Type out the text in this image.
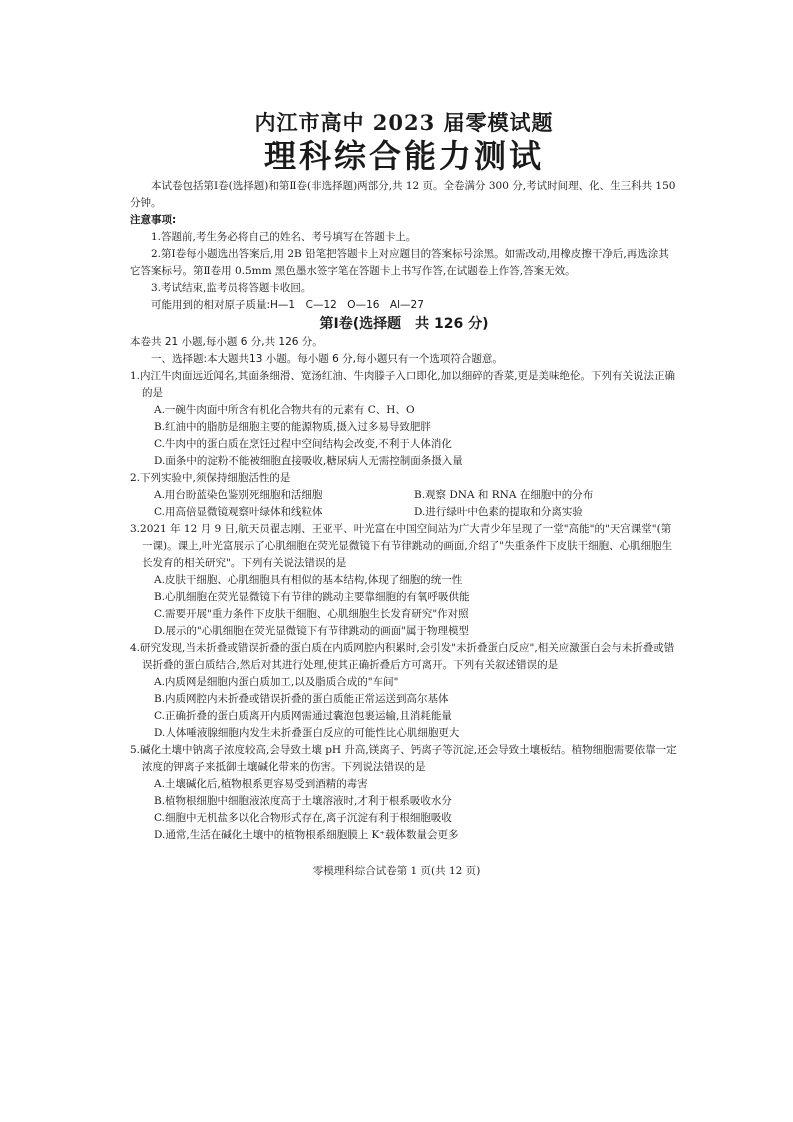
内江市高中 2023 届零模试题

理科综合能力测试

本试卷包括第Ⅰ卷(选择题)和第Ⅱ卷(非选择题)两部分,共 12 页。全卷满分 300 分,考试时间理、化、生三科共 150 分钟。

注意事项:

1.答题前,考生务必将自己的姓名、考号填写在答题卡上。

2.第Ⅰ卷每小题选出答案后,用 2B 铅笔把答题卡上对应题目的答案标号涂黑。如需改动,用橡皮擦干净后,再选涂其它答案标号。第Ⅱ卷用 0.5mm 黑色墨水签字笔在答题卡上书写作答,在试题卷上作答,答案无效。

3.考试结束,监考员将答题卡收回。

可能用到的相对原子质量:H—1　C—12　O—16　Al—27

第Ⅰ卷(选择题　共 126 分)

本卷共 21 小题,每小题 6 分,共 126 分。

一、选择题:本大题共13 小题。每小题 6 分,每小题只有一个选项符合题意。

1.内江牛肉面远近闻名,其面条细滑、宽汤红油、牛肉滕子入口即化,加以细碎的香菜,更是美味绝伦。下列有关说法正确的是

A.一碗牛肉面中所含有机化合物共有的元素有 C、H、O

B.红油中的脂肪是细胞主要的能源物质,摄入过多易导致肥胖

C.牛肉中的蛋白质在烹饪过程中空间结构会改变,不利于人体消化

D.面条中的淀粉不能被细胞直接吸收,糖尿病人无需控制面条摄入量

2.下列实验中,须保持细胞活性的是

A.用台盼蓝染色鉴别死细胞和活细胞	B.观察 DNA 和 RNA 在细胞中的分布
C.用高倍显微镜观察叶绿体和线粒体	D.进行绿叶中色素的提取和分离实验

3.2021 年 12 月 9 日,航天员翟志刚、王亚平、叶光富在中国空间站为广大青少年呈现了一堂"高能"的"天宫课堂"(第一课)。课上,叶光富展示了心肌细胞在荧光显微镜下有节律跳动的画面,介绍了"失重条件下皮肤干细胞、心肌细胞生长发育的相关研究"。下列有关说法错误的是

A.皮肤干细胞、心肌细胞具有相似的基本结构,体现了细胞的统一性

B.心肌细胞在荧光显微镜下有节律的跳动主要靠细胞的有氧呼吸供能

C.需要开展"重力条件下皮肤干细胞、心肌细胞生长发育研究"作对照

D.展示的"心肌细胞在荧光显微镜下有节律跳动的画面"属于物理模型

4.研究发现,当未折叠或错误折叠的蛋白质在内质网腔内积累时,会引发"未折叠蛋白反应",相关应激蛋白会与未折叠或错误折叠的蛋白质结合,然后对其进行处理,使其正确折叠后方可离开。下列有关叙述错误的是

A.内质网是细胞内蛋白质加工,以及脂质合成的"车间"

B.内质网腔内未折叠或错误折叠的蛋白质能正常运送到高尔基体

C.正确折叠的蛋白质离开内质网需通过囊泡包裹运输,且消耗能量

D.人体唾液腺细胞内发生未折叠蛋白反应的可能性比心肌细胞更大

5.碱化土壤中钠离子浓度较高,会导致土壤 pH 升高,镁离子、钙离子等沉淀,还会导致土壤板结。植物细胞需要依靠一定浓度的钾离子来抵御土壤碱化带来的伤害。下列说法错误的是

A.土壤碱化后,植物根系更容易受到酒精的毒害

B.植物根细胞中细胞液浓度高于土壤溶液时,才利于根系吸收水分

C.细胞中无机盐多以化合物形式存在,离子沉淀有利于根细胞吸收

D.通常,生活在碱化土壤中的植物根系细胞膜上 K⁺载体数量会更多

零模理科综合试卷第 1 页(共 12 页)
